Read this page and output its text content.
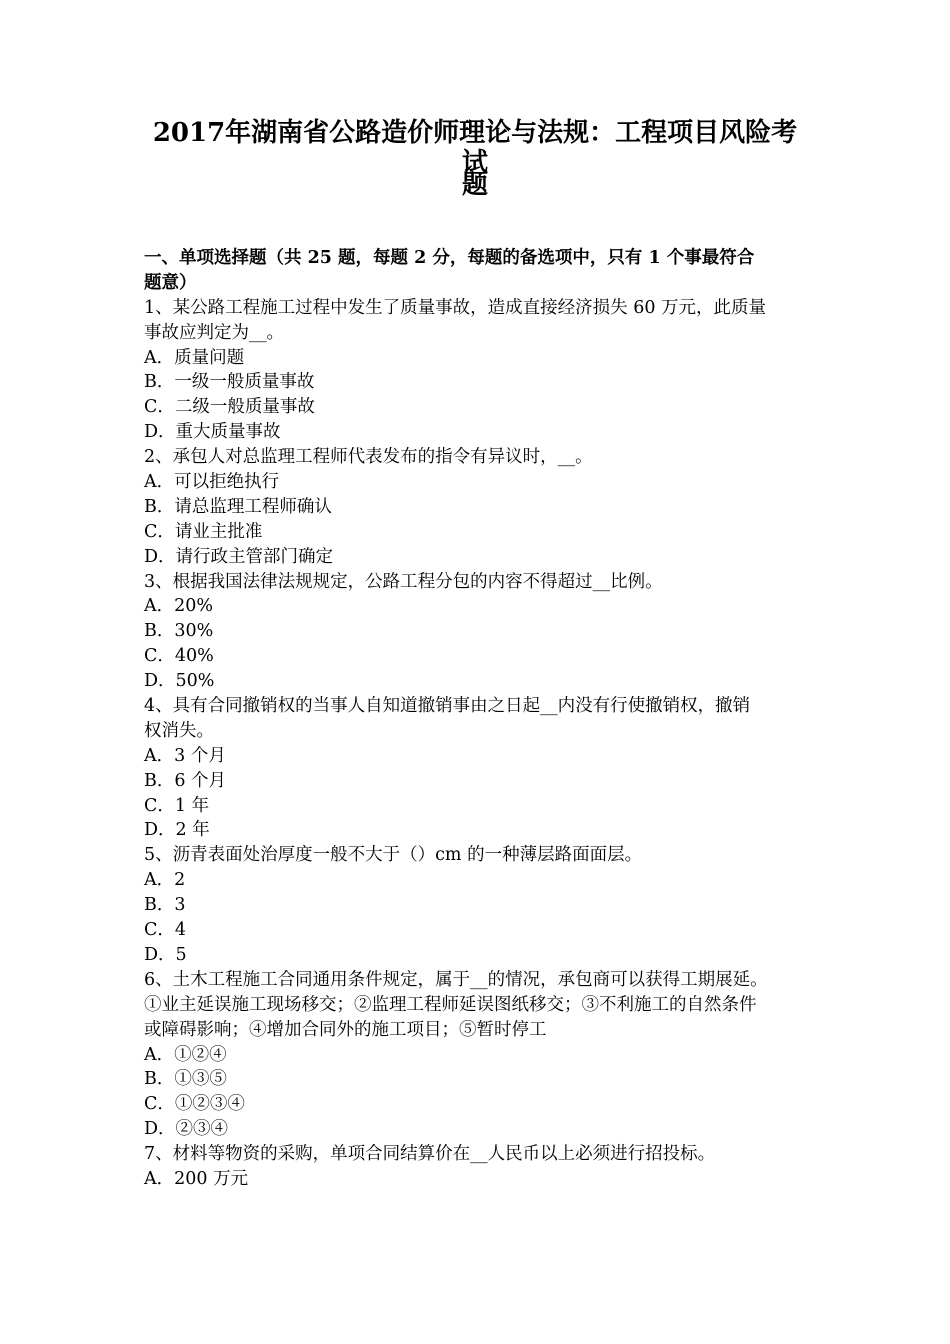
2017年湖南省公路造价师理论与法规：工程项目风险考试
题
一、单项选择题（共 25 题，每题 2 分，每题的备选项中，只有 1 个事最符合
题意）
1、某公路工程施工过程中发生了质量事故，造成直接经济损失 60 万元，此质量
事故应判定为__。
A．质量问题
B．一级一般质量事故
C．二级一般质量事故
D．重大质量事故
2、承包人对总监理工程师代表发布的指令有异议时，__。
A．可以拒绝执行
B．请总监理工程师确认
C．请业主批准
D．请行政主管部门确定
3、根据我国法律法规规定，公路工程分包的内容不得超过__比例。
A．20%
B．30%
C．40%
D．50%
4、具有合同撤销权的当事人自知道撤销事由之日起__内没有行使撤销权，撤销
权消失。
A．3 个月
B．6 个月
C．1 年
D．2 年
5、沥青表面处治厚度一般不大于（）cm 的一种薄层路面面层。
A．2
B．3
C．4
D．5
6、土木工程施工合同通用条件规定，属于__的情况，承包商可以获得工期展延。
①业主延误施工现场移交；②监理工程师延误图纸移交；③不利施工的自然条件
或障碍影响；④增加合同外的施工项目；⑤暂时停工
A．①②④
B．①③⑤
C．①②③④
D．②③④
7、材料等物资的采购，单项合同结算价在__人民币以上必须进行招投标。
A．200 万元
